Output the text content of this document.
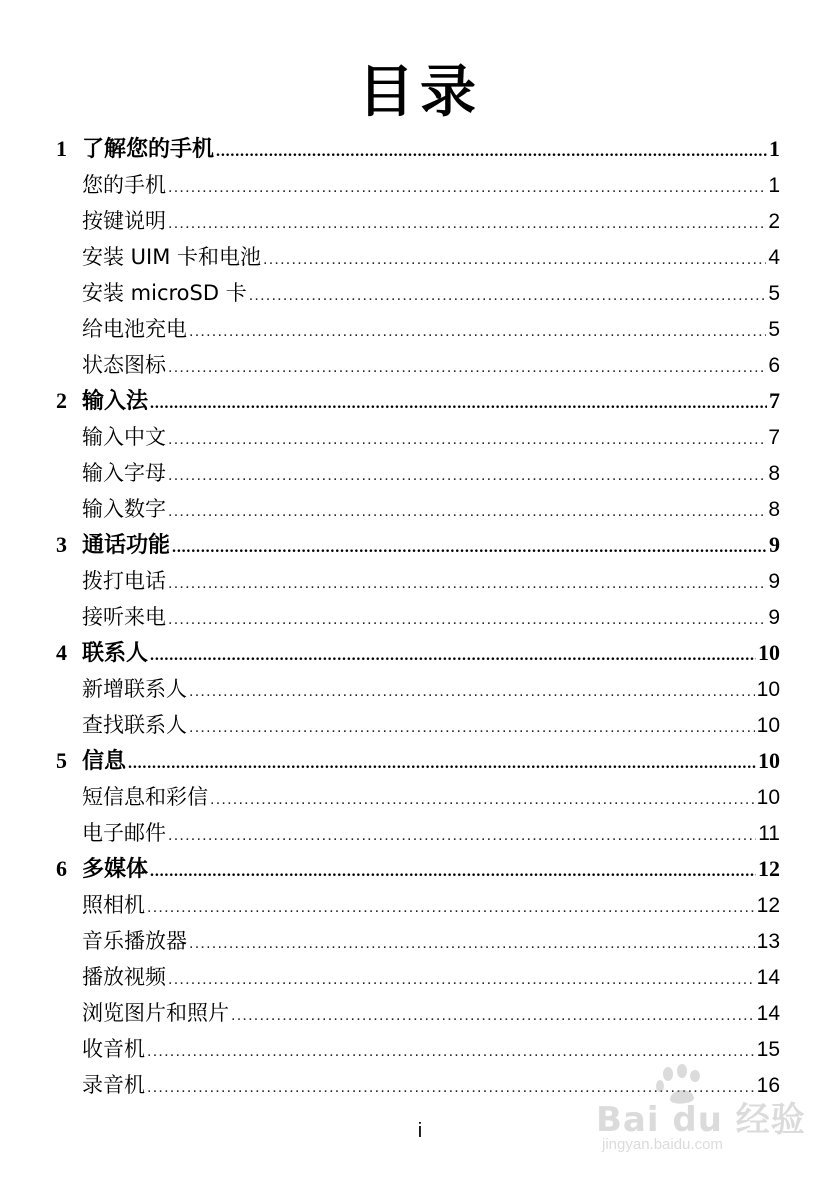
目录
1 了解您的手机 . . .	1
您的手机 . . .	1
按键说明 . . .	2
安装 UIM 卡和电池 . . .	4
安装 microSD 卡 . . .	5
给电池充电 . . .	5
状态图标 . . .	6
2 输入法 . . .	7
输入中文 . . .	7
输入字母 . . .	8
输入数字 . . .	8
3 通话功能 . . .	9
拨打电话 . . .	9
接听来电 . . .	9
4 联系人 . . .	10
新增联系人 . . .	10
查找联系人 . . .	10
5 信息 . . .	10
短信息和彩信 . . .	10
电子邮件 . . .	11
6 多媒体 . . .	12
照相机 . . .	12
音乐播放器 . . .	13
播放视频 . . .	14
浏览图片和照片 . . .	14
收音机 . . .	15
录音机 . . .	16
i	Bai du 经验
jingyan.baidu.com
